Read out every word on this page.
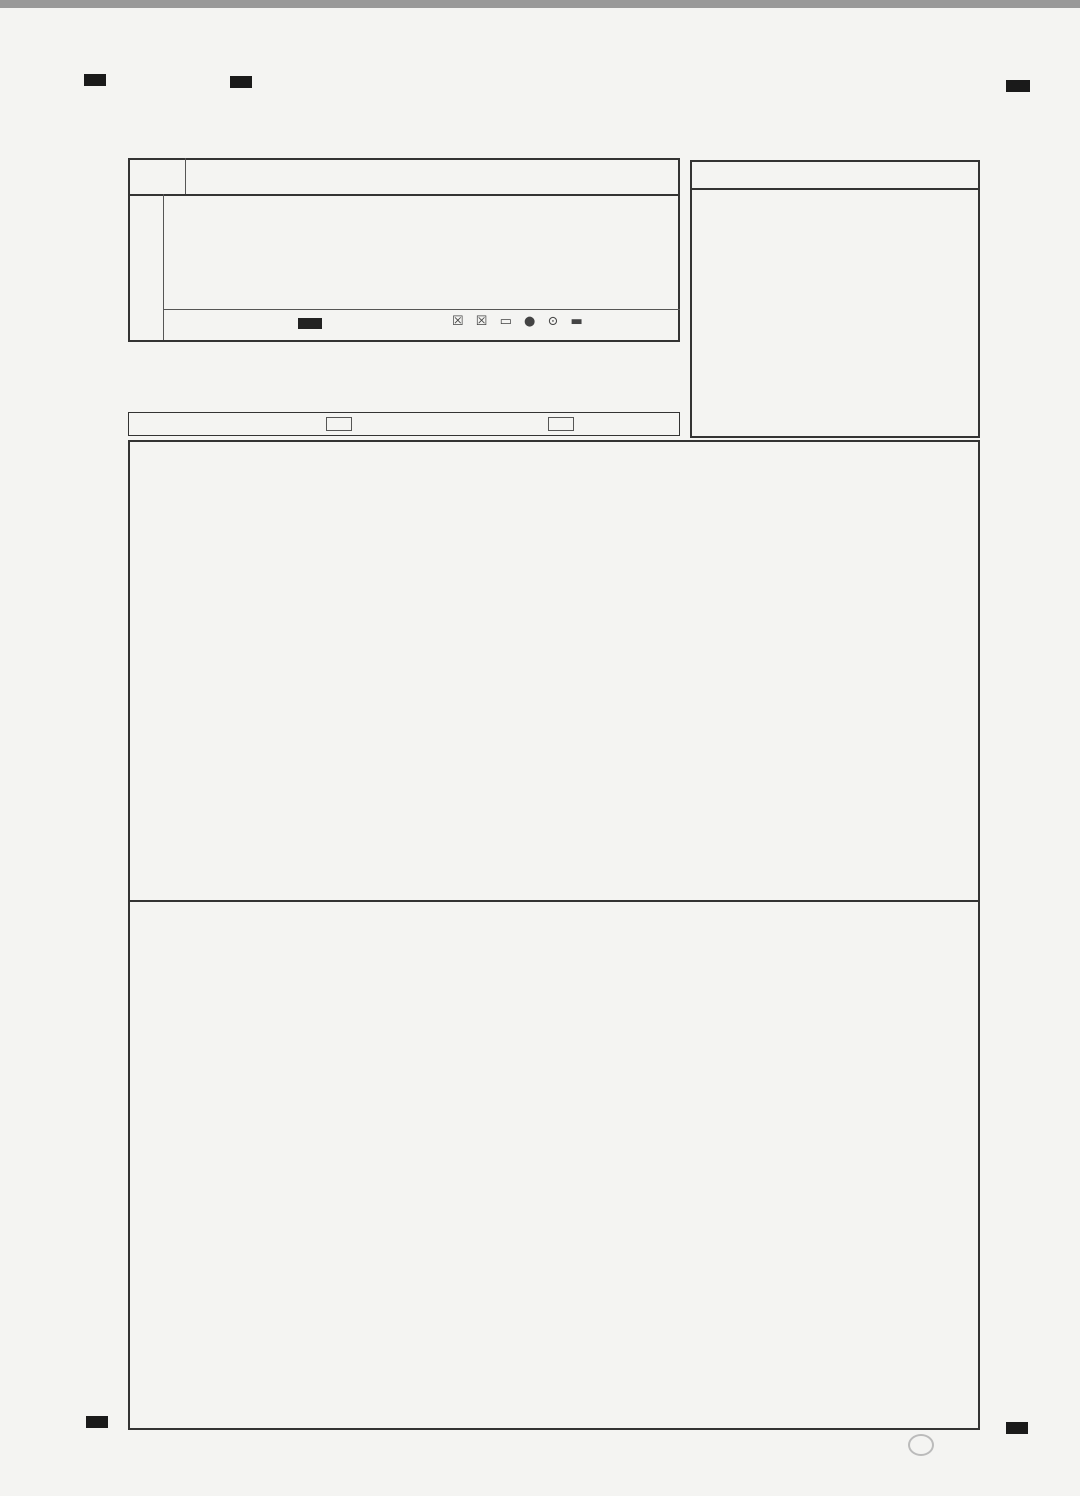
☒ ☒ ▭ ● ⊙ ▬
